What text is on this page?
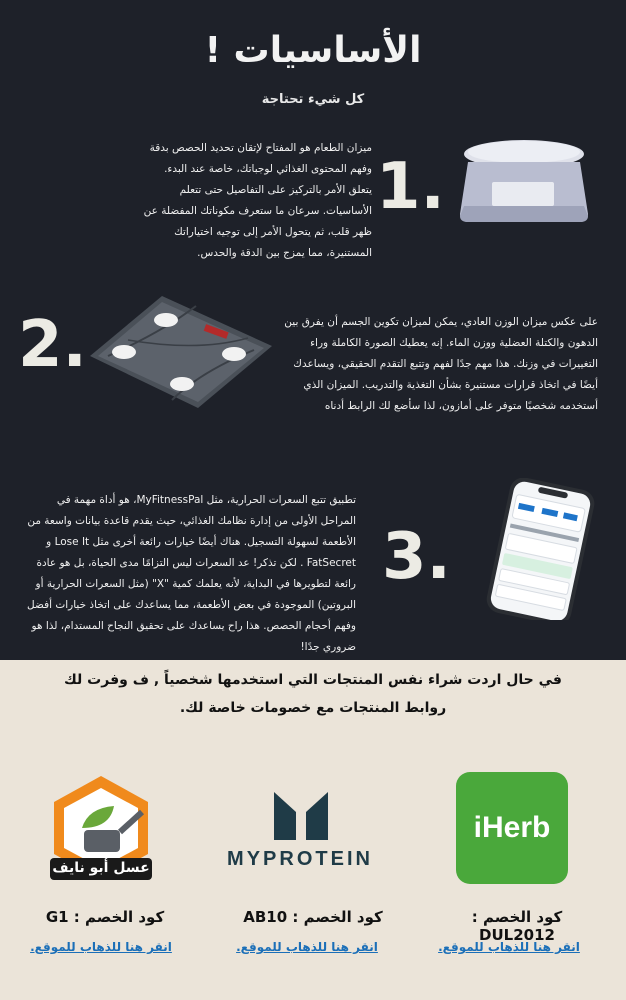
الأساسيات !
كل شيء تحتاجة
1.

ميزان الطعام هو المفتاح لإتقان تحديد الحصص بدقة وفهم المحتوى الغذائي لوجباتك، خاصة عند البدء. يتعلق الأمر بالتركيز على التفاصيل حتى تتعلم الأساسيات. سرعان ما ستعرف مكوناتك المفضلة عن ظهر قلب، ثم يتحول الأمر إلى توجيه اختياراتك المستنيرة، مما يمزج بين الدقة والحدس.

2.	على عكس ميزان الوزن العادي، يمكن لميزان تكوين الجسم أن يفرق بين الدهون والكتلة العضلية ووزن الماء. إنه يعطيك الصورة الكاملة وراء التغييرات في وزنك. هذا مهم جدًا لفهم وتتبع التقدم الحقيقي، ويساعدك أيضًا في اتخاذ قرارات مستنيرة بشأن التغذية والتدريب. الميزان الذي أستخدمه شخصيًا متوفر على أمازون، لذا سأضع لك الرابط أدناه

3.

تطبيق تتبع السعرات الحرارية، مثل MyFitnessPal، هو أداة مهمة في المراحل الأولى من إدارة نظامك الغذائي، حيث يقدم قاعدة بيانات واسعة من الأطعمة لسهولة التسجيل. هناك أيضًا خيارات رائعة أخرى مثل Lose It و FatSecret . لكن تذكر! عد السعرات ليس التزامًا مدى الحياة، بل هو عادة رائعة لتطويرها في البداية، لأنه يعلمك كمية "X" (مثل السعرات الحرارية أو البروتين) الموجودة في بعض الأطعمة، مما يساعدك على اتخاذ خيارات أفضل وفهم أحجام الحصص. هذا راح يساعدك على تحقيق النجاح المستدام، لذا هو ضروري جدًا!

في حال اردت شراء نفس المنتجات التي استخدمها شخصياً , ف وفرت لك روابط المنتجات مع خصومات خاصة لك.
iHerb
كود الخصم : DUL2012
انقر هنا للذهاب للموقع.
MYPROTEIN
كود الخصم : AB10
انقر هنا للذهاب للموقع.
عسل أبو نايف
كود الخصم : G1
انقر هنا للذهاب للموقع.
